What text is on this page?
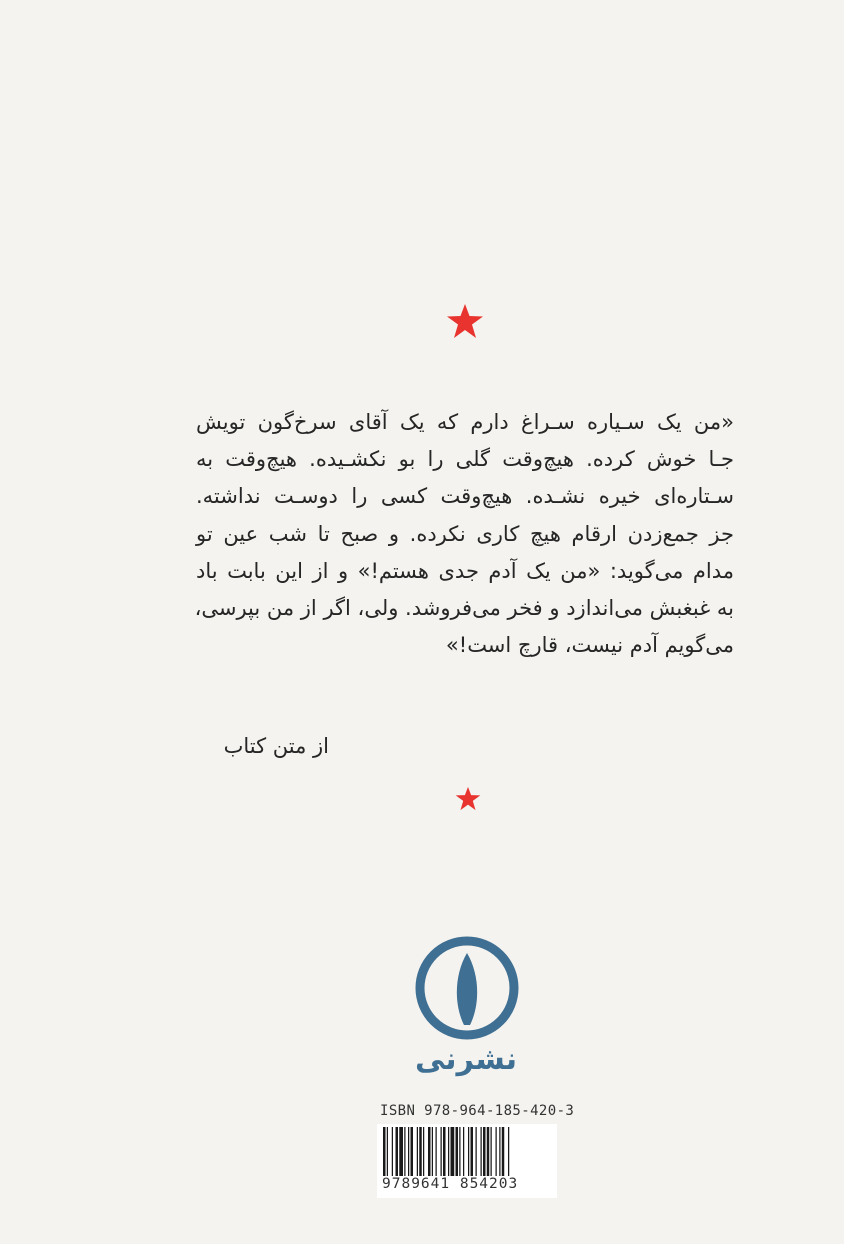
«من یک سـیاره سـراغ دارم که یک آقای سرخ‌گون تویش
جـا خوش کرده. هیچ‌وقت گلی را بو نکشـیده. هیچ‌وقت به
سـتاره‌ای خیره نشـده. هیچ‌وقت کسی را دوسـت نداشته.
جز جمع‌زدن ارقام هیچ کاری نکرده. و صبح تا شب عین تو
مدام می‌گوید: «من یک آدم جدی هستم!» و از این بابت باد
به غبغبش می‌اندازد و فخر می‌فروشد. ولی، اگر از من بپرسی،
می‌گویم آدم نیست، قارچ است!»
از متن کتاب
نشرنی
ISBN 978-964-185-420-3
9789641 854203
